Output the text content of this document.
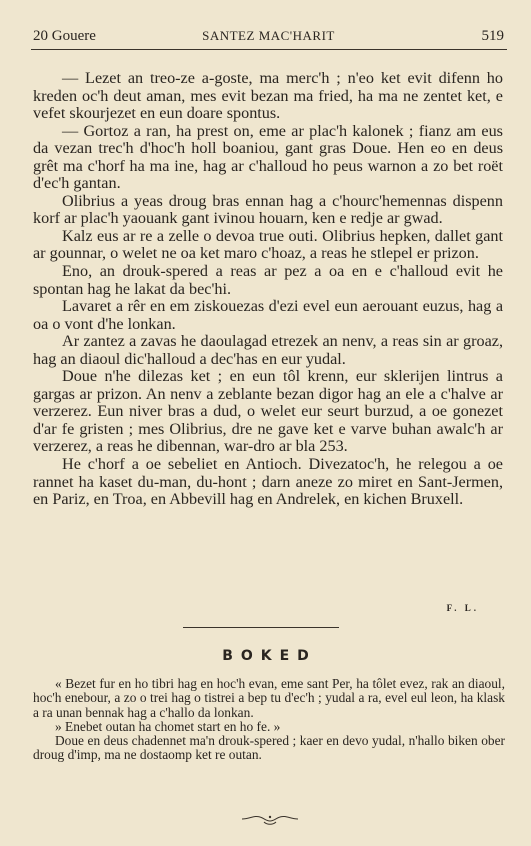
20 Gouere	SANTEZ MAC'HARIT	519

— Lezet an treo-ze a-goste, ma merc'h ; n'eo ket evit difenn ho kreden oc'h deut aman, mes evit bezan ma fried, ha ma ne zentet ket, e vefet skourjezet en eun doare spontus.

— Gortoz a ran, ha prest on, eme ar plac'h kalonek ; fianz am eus da vezan trec'h d'hoc'h holl boaniou, gant gras Doue. Hen eo en deus grêt ma c'horf ha ma ine, hag ar c'halloud ho peus warnon a zo bet roët d'ec'h gantan.

Olibrius a yeas droug bras ennan hag a c'hourc'hemennas dispenn korf ar plac'h yaouank gant ivinou houarn, ken e redje ar gwad.

Kalz eus ar re a zelle o devoa true outi. Olibrius hepken, dallet gant ar gounnar, o welet ne oa ket maro c'hoaz, a reas he stlepel er prizon.

Eno, an drouk-spered a reas ar pez a oa en e c'halloud evit he spontan hag he lakat da bec'hi.

Lavaret a rêr en em ziskouezas d'ezi evel eun aerouant euzus, hag a oa o vont d'he lonkan.

Ar zantez a zavas he daoulagad etrezek an nenv, a reas sin ar groaz, hag an diaoul dic'halloud a dec'has en eur yudal.

Doue n'he dilezas ket ; en eun tôl krenn, eur sklerijen lintrus a gargas ar prizon. An nenv a zeblante bezan digor hag an ele a c'halve ar verzerez. Eun niver bras a dud, o welet eur seurt burzud, a oe gonezet d'ar fe gristen ; mes Olibrius, dre ne gave ket e varve buhan awalc'h ar verzerez, a reas he dibennan, war-dro ar bla 253.

He c'horf a oe sebeliet en Antioch. Divezatoc'h, he relegou a oe rannet ha kaset du-man, du-hont ; darn aneze zo miret en Sant-Jermen, en Pariz, en Troa, en Abbevill hag en Andrelek, en kichen Bruxell.

F. L.
BOKED

« Bezet fur en ho tibri hag en hoc'h evan, eme sant Per, ha tôlet evez, rak an diaoul, hoc'h enebour, a zo o trei hag o tistrei a bep tu d'ec'h ; yudal a ra, evel eul leon, ha klask a ra unan bennak hag a c'hallo da lonkan.

» Enebet outan ha chomet start en ho fe. »

Doue en deus chadennet ma'n drouk-spered ; kaer en devo yudal, n'hallo biken ober droug d'imp, ma ne dostaomp ket re outan.
